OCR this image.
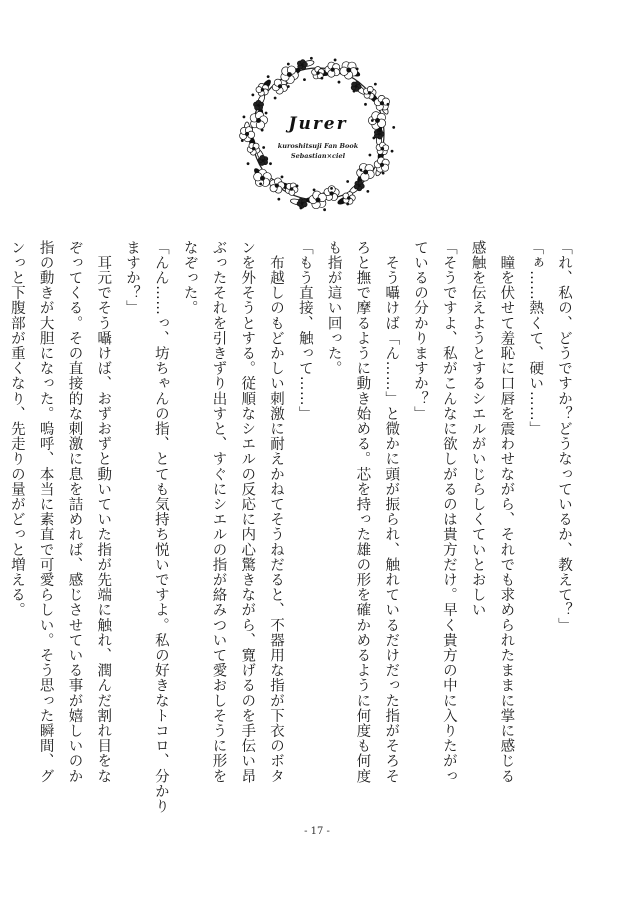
Jurer
kuroshitsuji Fan Book
Sebastian×ciel
「れ、私の、どうですか？どうなっているか、教えて？」
「ぁ……熱くて、硬い……」
　瞳を伏せて羞恥に口唇を震わせながら、それでも求められたままに掌に感じる
感触を伝えようとするシエルがいじらしくていとおしい
「そうですよ、私がこんなに欲しがるのは貴方だけ。早く貴方の中に入りたがっ
ているの分かりますか？」
　そう囁けば「ん……」と微かに頭が振られ、触れているだけだった指がそろそ
ろと撫で摩るように動き始める。芯を持った雄の形を確かめるように何度も何度
も指が這い回った。
「もう直接、触って……」
　布越しのもどかしい刺激に耐えかねてそうねだると、不器用な指が下衣のボタ
ンを外そうとする。従順なシエルの反応に内心驚きながら、寛げるのを手伝い昂
ぶったそれを引きずり出すと、すぐにシエルの指が絡みついて愛おしそうに形を
なぞった。
「んん……っ、坊ちゃんの指、とても気持ち悦いですよ。私の好きなトコロ、分かり
ますか？」
　耳元でそう囁けば、おずおずと動いていた指が先端に触れ、潤んだ割れ目をな
ぞってくる。その直接的な刺激に息を詰めれば、感じさせている事が嬉しいのか
指の動きが大胆になった。嗚呼、本当に素直で可愛らしい。そう思った瞬間、グ
ンっと下腹部が重くなり、先走りの量がどっと増える。
- 17 -
